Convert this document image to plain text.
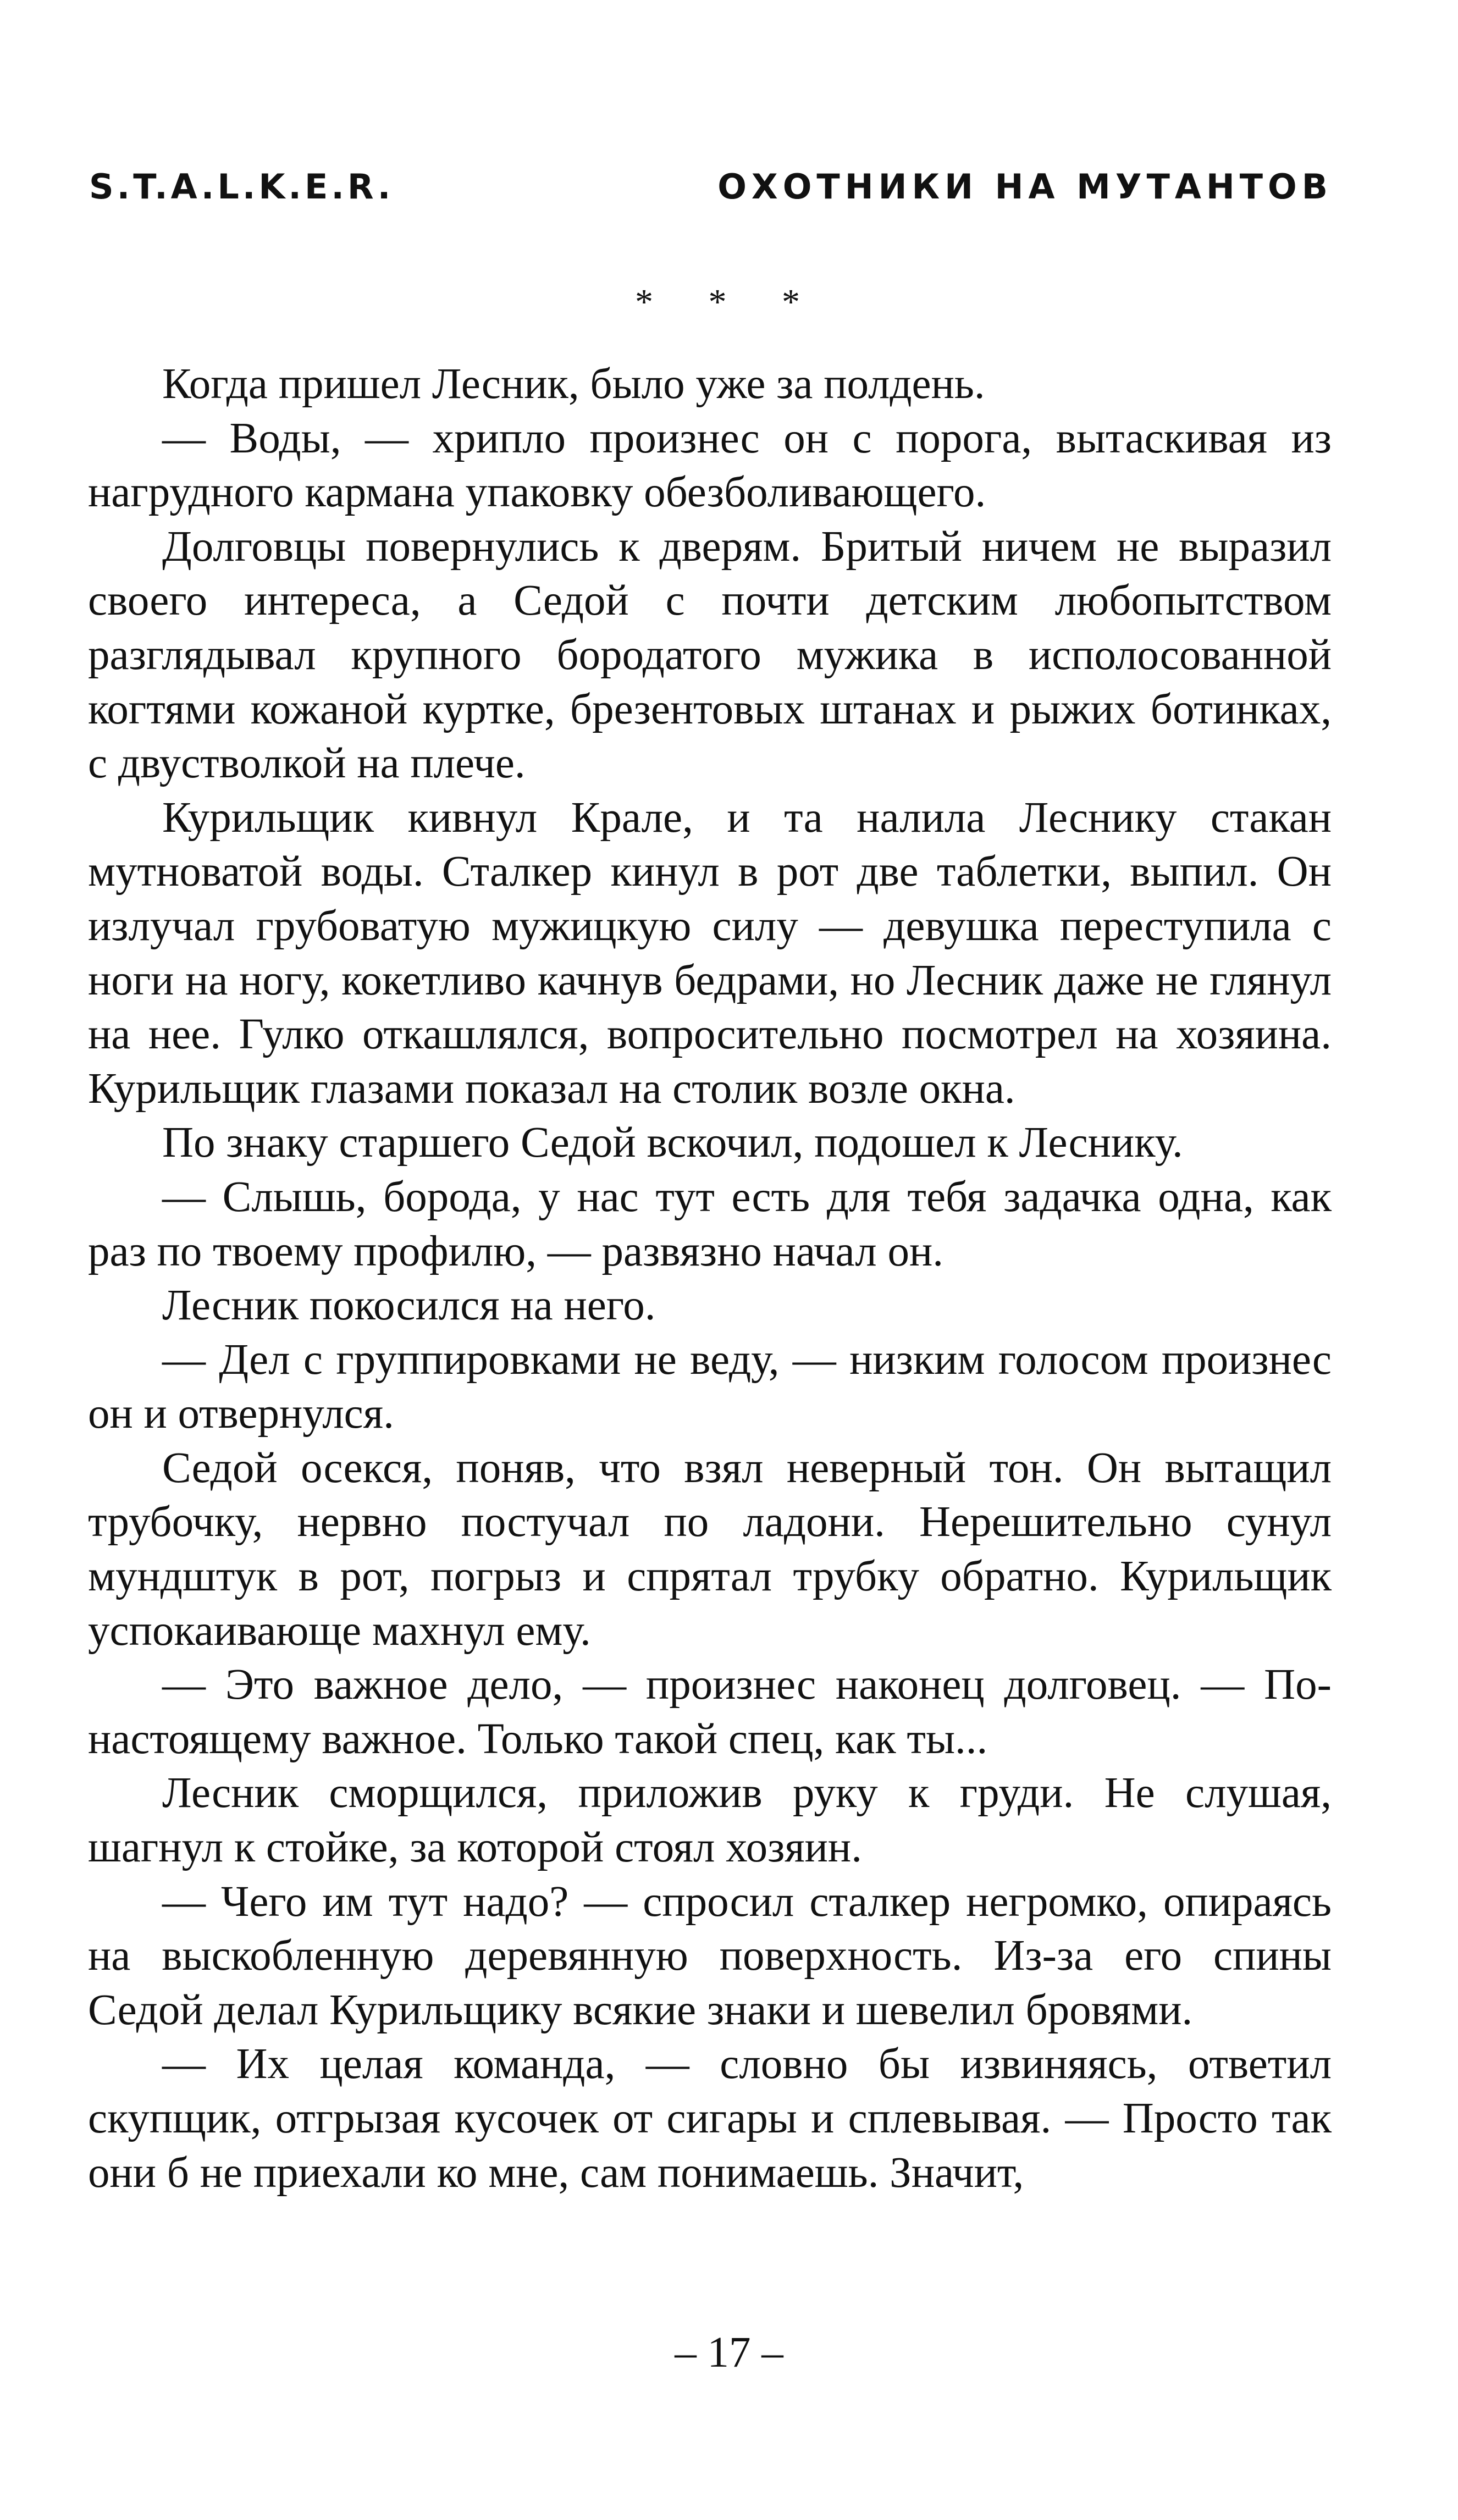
S.T.A.L.K.E.R.	ОХОТНИКИ НА МУТАНТОВ
* * *

Когда пришел Лесник, было уже за полдень.

— Воды, — хрипло произнес он с порога, вытаскивая из нагрудного кармана упаковку обезболивающего.

Долговцы повернулись к дверям. Бритый ничем не выразил своего интереса, а Седой с почти детским любопытством разглядывал крупного бородатого мужика в исполосованной когтями кожаной куртке, брезентовых штанах и рыжих ботинках, с двустволкой на плече.

Курильщик кивнул Крале, и та налила Леснику стакан мутноватой воды. Сталкер кинул в рот две таблетки, выпил. Он излучал грубоватую мужицкую силу — девушка переступила с ноги на ногу, кокетливо качнув бедрами, но Лесник даже не глянул на нее. Гулко откашлялся, вопросительно посмотрел на хозяина. Курильщик глазами показал на столик возле окна.

По знаку старшего Седой вскочил, подошел к Леснику.

— Слышь, борода, у нас тут есть для тебя задачка одна, как раз по твоему профилю, — развязно начал он.

Лесник покосился на него.

— Дел с группировками не веду, — низким голосом произнес он и отвернулся.

Седой осекся, поняв, что взял неверный тон. Он вытащил трубочку, нервно постучал по ладони. Нерешительно сунул мундштук в рот, погрыз и спрятал трубку обратно. Курильщик успокаивающе махнул ему.

— Это важное дело, — произнес наконец долговец. — По-настоящему важное. Только такой спец, как ты...

Лесник сморщился, приложив руку к груди. Не слушая, шагнул к стойке, за которой стоял хозяин.

— Чего им тут надо? — спросил сталкер негромко, опираясь на выскобленную деревянную поверхность. Из-за его спины Седой делал Курильщику всякие знаки и шевелил бровями.

— Их целая команда, — словно бы извиняясь, ответил скупщик, отгрызая кусочек от сигары и сплевывая. — Просто так они б не приехали ко мне, сам понимаешь. Значит,

– 17 –
